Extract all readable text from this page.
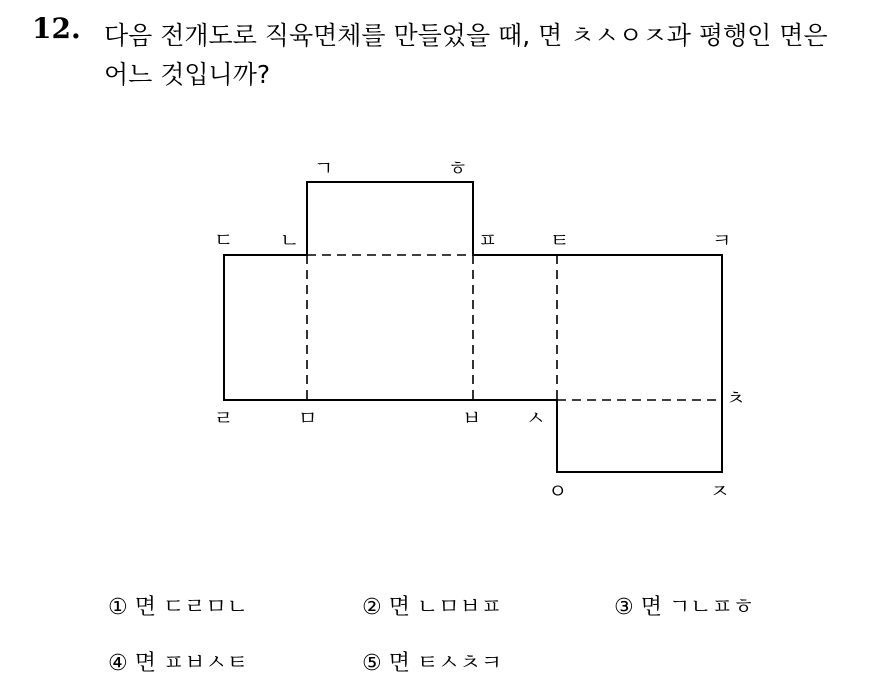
12. 다음 전개도로 직육면체를 만들었을 때, 면 ㅊㅅㅇㅈ과 평행인 면은
어느 것입니까?
ㄱ	ㅎ
ㄷ ㄴ	ㅍ	ㅌ	ㅋ
ㄹ	ㅁ	ㅂ ㅅ
ㅊ
ㅇ	ㅈ
① 면 ㄷㄹㅁㄴ	② 면 ㄴㅁㅂㅍ	③ 면 ㄱㄴㅍㅎ
④ 면 ㅍㅂㅅㅌ	⑤ 면 ㅌㅅㅊㅋ
